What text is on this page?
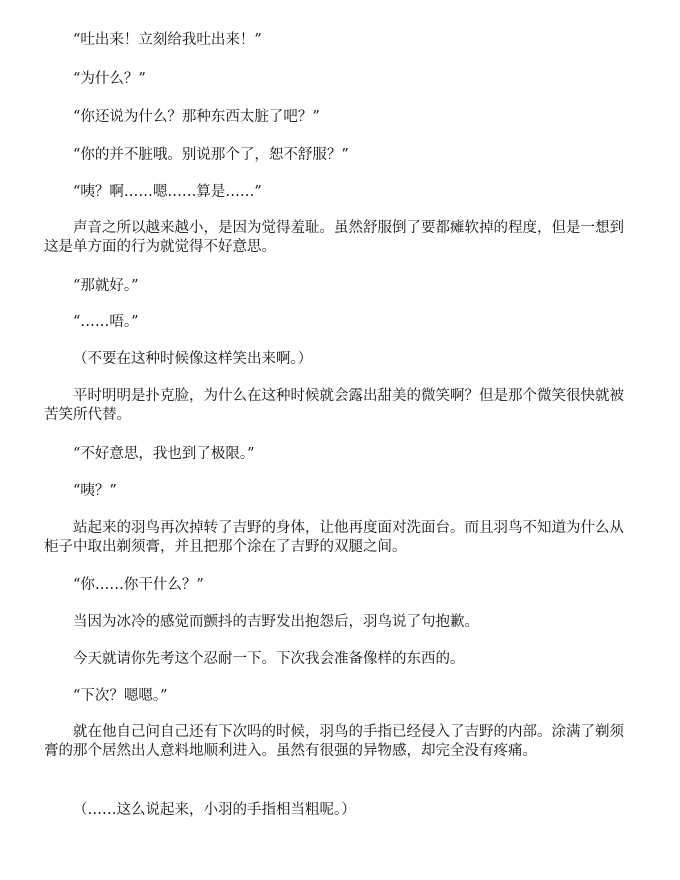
“吐出来！立刻给我吐出来！”

“为什么？”

“你还说为什么？那种东西太脏了吧？”

“你的并不脏哦。别说那个了，恕不舒服？”

“咦？啊……嗯……算是……”

声音之所以越来越小，是因为觉得羞耻。虽然舒服倒了要都瘫软掉的程度，但是一想到这是单方面的行为就觉得不好意思。

“那就好。”

“……唔。”

（不要在这种时候像这样笑出来啊。）

平时明明是扑克脸，为什么在这种时候就会露出甜美的微笑啊？但是那个微笑很快就被苦笑所代替。

“不好意思，我也到了极限。”

“咦？”

站起来的羽鸟再次掉转了吉野的身体，让他再度面对洗面台。而且羽鸟不知道为什么从柜子中取出剃须膏，并且把那个涂在了吉野的双腿之间。

“你……你干什么？”

当因为冰冷的感觉而颤抖的吉野发出抱怨后，羽鸟说了句抱歉。

今天就请你先考这个忍耐一下。下次我会准备像样的东西的。

“下次？嗯嗯。”

就在他自己问自己还有下次吗的时候，羽鸟的手指已经侵入了吉野的内部。涂满了剃须膏的那个居然出人意料地顺利进入。虽然有很强的异物感，却完全没有疼痛。

（……这么说起来，小羽的手指相当粗呢。）
